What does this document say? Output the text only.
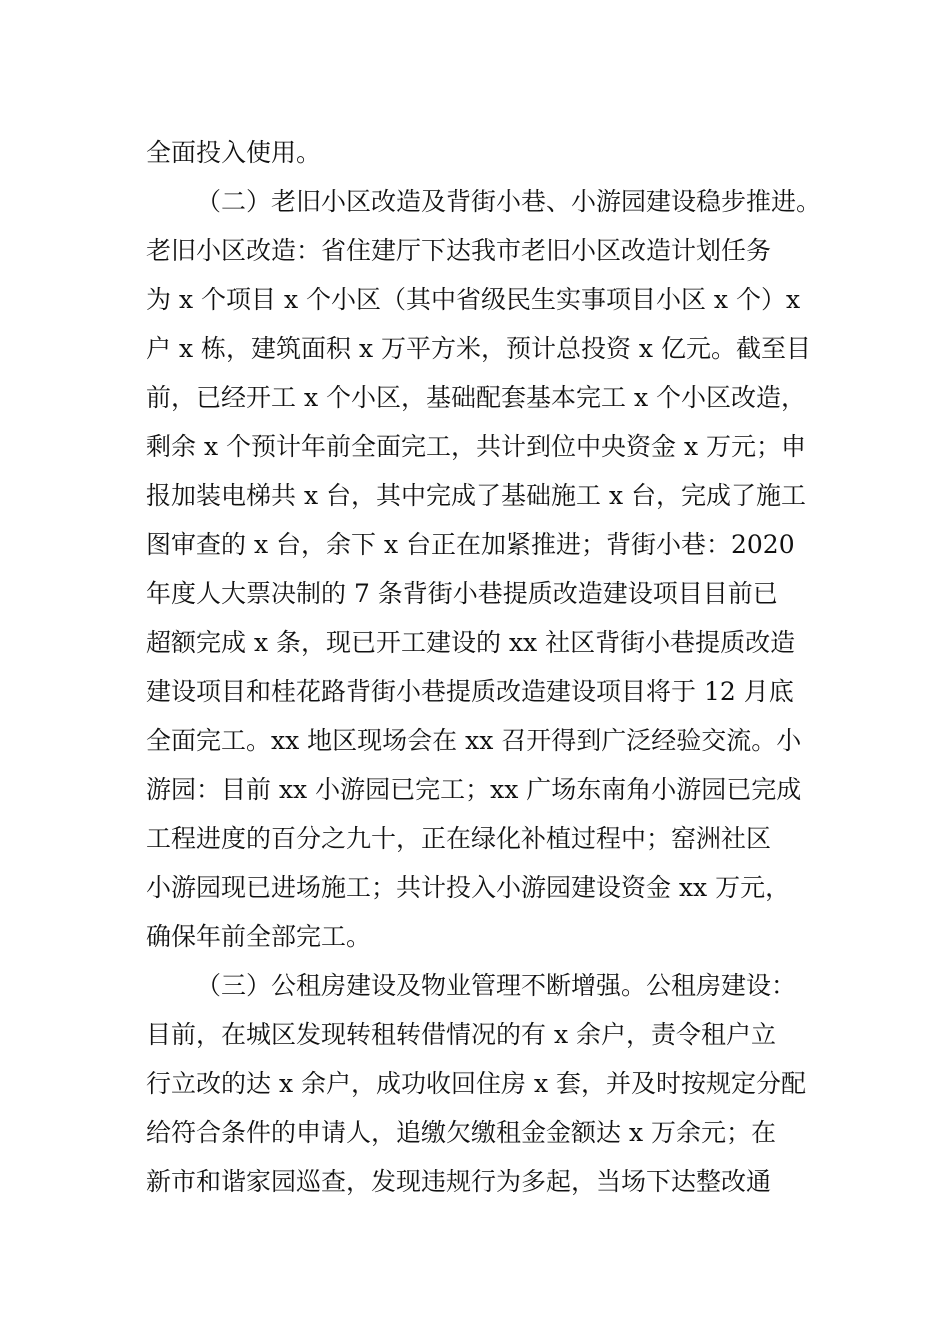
全面投入使用。
（二）老旧小区改造及背街小巷、小游园建设稳步推进。
老旧小区改造：省住建厅下达我市老旧小区改造计划任务
为 x 个项目 x 个小区（其中省级民生实事项目小区 x 个）x
户 x 栋，建筑面积 x 万平方米，预计总投资 x 亿元。截至目
前，已经开工 x 个小区，基础配套基本完工 x 个小区改造，
剩余 x 个预计年前全面完工，共计到位中央资金 x 万元；申
报加装电梯共 x 台，其中完成了基础施工 x 台，完成了施工
图审查的 x 台，余下 x 台正在加紧推进；背街小巷：2020
年度人大票决制的 7 条背街小巷提质改造建设项目目前已
超额完成 x 条，现已开工建设的 xx 社区背街小巷提质改造
建设项目和桂花路背街小巷提质改造建设项目将于 12 月底
全面完工。xx 地区现场会在 xx 召开得到广泛经验交流。小
游园：目前 xx 小游园已完工；xx 广场东南角小游园已完成
工程进度的百分之九十，正在绿化补植过程中；窑洲社区
小游园现已进场施工；共计投入小游园建设资金 xx 万元，
确保年前全部完工。
（三）公租房建设及物业管理不断增强。公租房建设：
目前，在城区发现转租转借情况的有 x 余户，责令租户立
行立改的达 x 余户，成功收回住房 x 套，并及时按规定分配
给符合条件的申请人，追缴欠缴租金金额达 x 万余元；在
新市和谐家园巡查，发现违规行为多起，当场下达整改通
